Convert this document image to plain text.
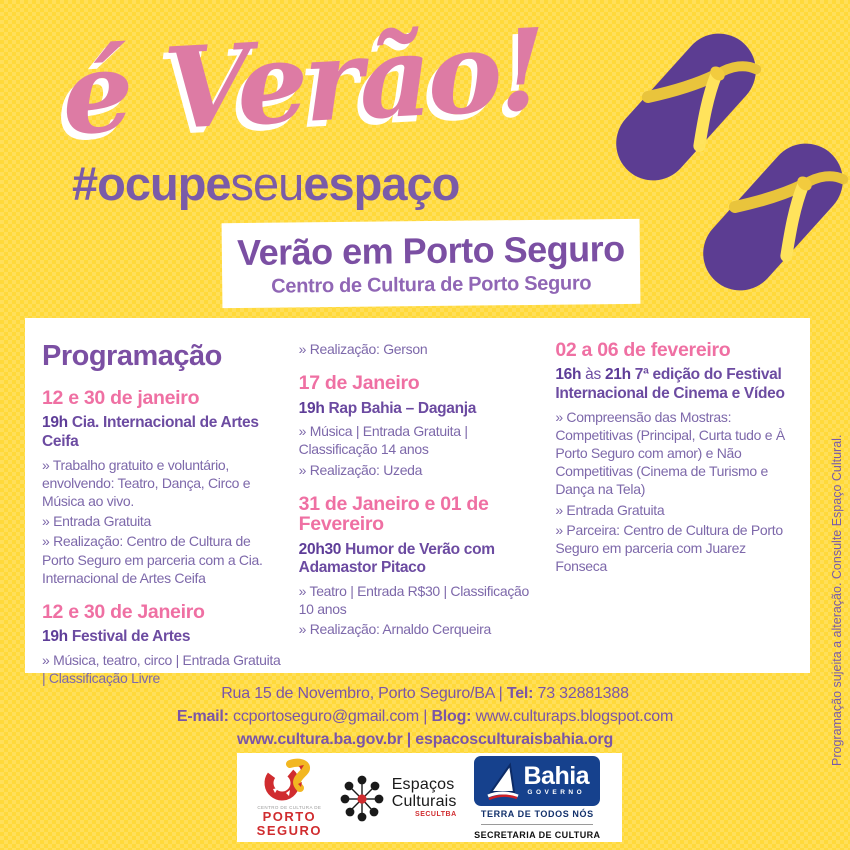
é Verão!
#ocupeseuespaço
Verão em Porto Seguro
Centro de Cultura de Porto Seguro
Programação
12 e 30 de janeiro
19h Cia. Internacional de Artes Ceifa
» Trabalho gratuito e voluntário, envolvendo: Teatro, Dança, Circo e Música ao vivo.
» Entrada Gratuita
» Realização: Centro de Cultura de Porto Seguro em parceria com a Cia. Internacional de Artes Ceifa
12 e 30 de Janeiro
19h Festival de Artes
» Música, teatro, circo | Entrada Gratuita | Classificação Livre
» Realização: Gerson
17 de Janeiro
19h Rap Bahia – Daganja
» Música | Entrada Gratuita | Classificação 14 anos
» Realização: Uzeda
31 de Janeiro e 01 de Fevereiro
20h30 Humor de Verão com Adamastor Pitaco
» Teatro | Entrada R$30 | Classificação 10 anos
» Realização: Arnaldo Cerqueira
02 a 06 de fevereiro
16h às 21h 7ª edição do Festival Internacional de Cinema e Vídeo
» Compreensão das Mostras: Competitivas (Principal, Curta tudo e À Porto Seguro com amor) e Não Competitivas (Cinema de Turismo e Dança na Tela)
» Entrada Gratuita
» Parceira: Centro de Cultura de Porto Seguro em parceria com Juarez Fonseca	Programação sujeita a alteração. Consulte Espaço Cultural.
Rua 15 de Novembro, Porto Seguro/BA | Tel: 73 32881388
E-mail: ccportoseguro@gmail.com | Blog: www.culturaps.blogspot.com
www.cultura.ba.gov.br | espacosculturaisbahia.org
CENTRO DE CULTURA DE
PORTO
SEGURO
Espaços
Culturais
SECULTBA
Bahia
GOVERNO
TERRA DE TODOS NÓS
SECRETARIA DE CULTURA
